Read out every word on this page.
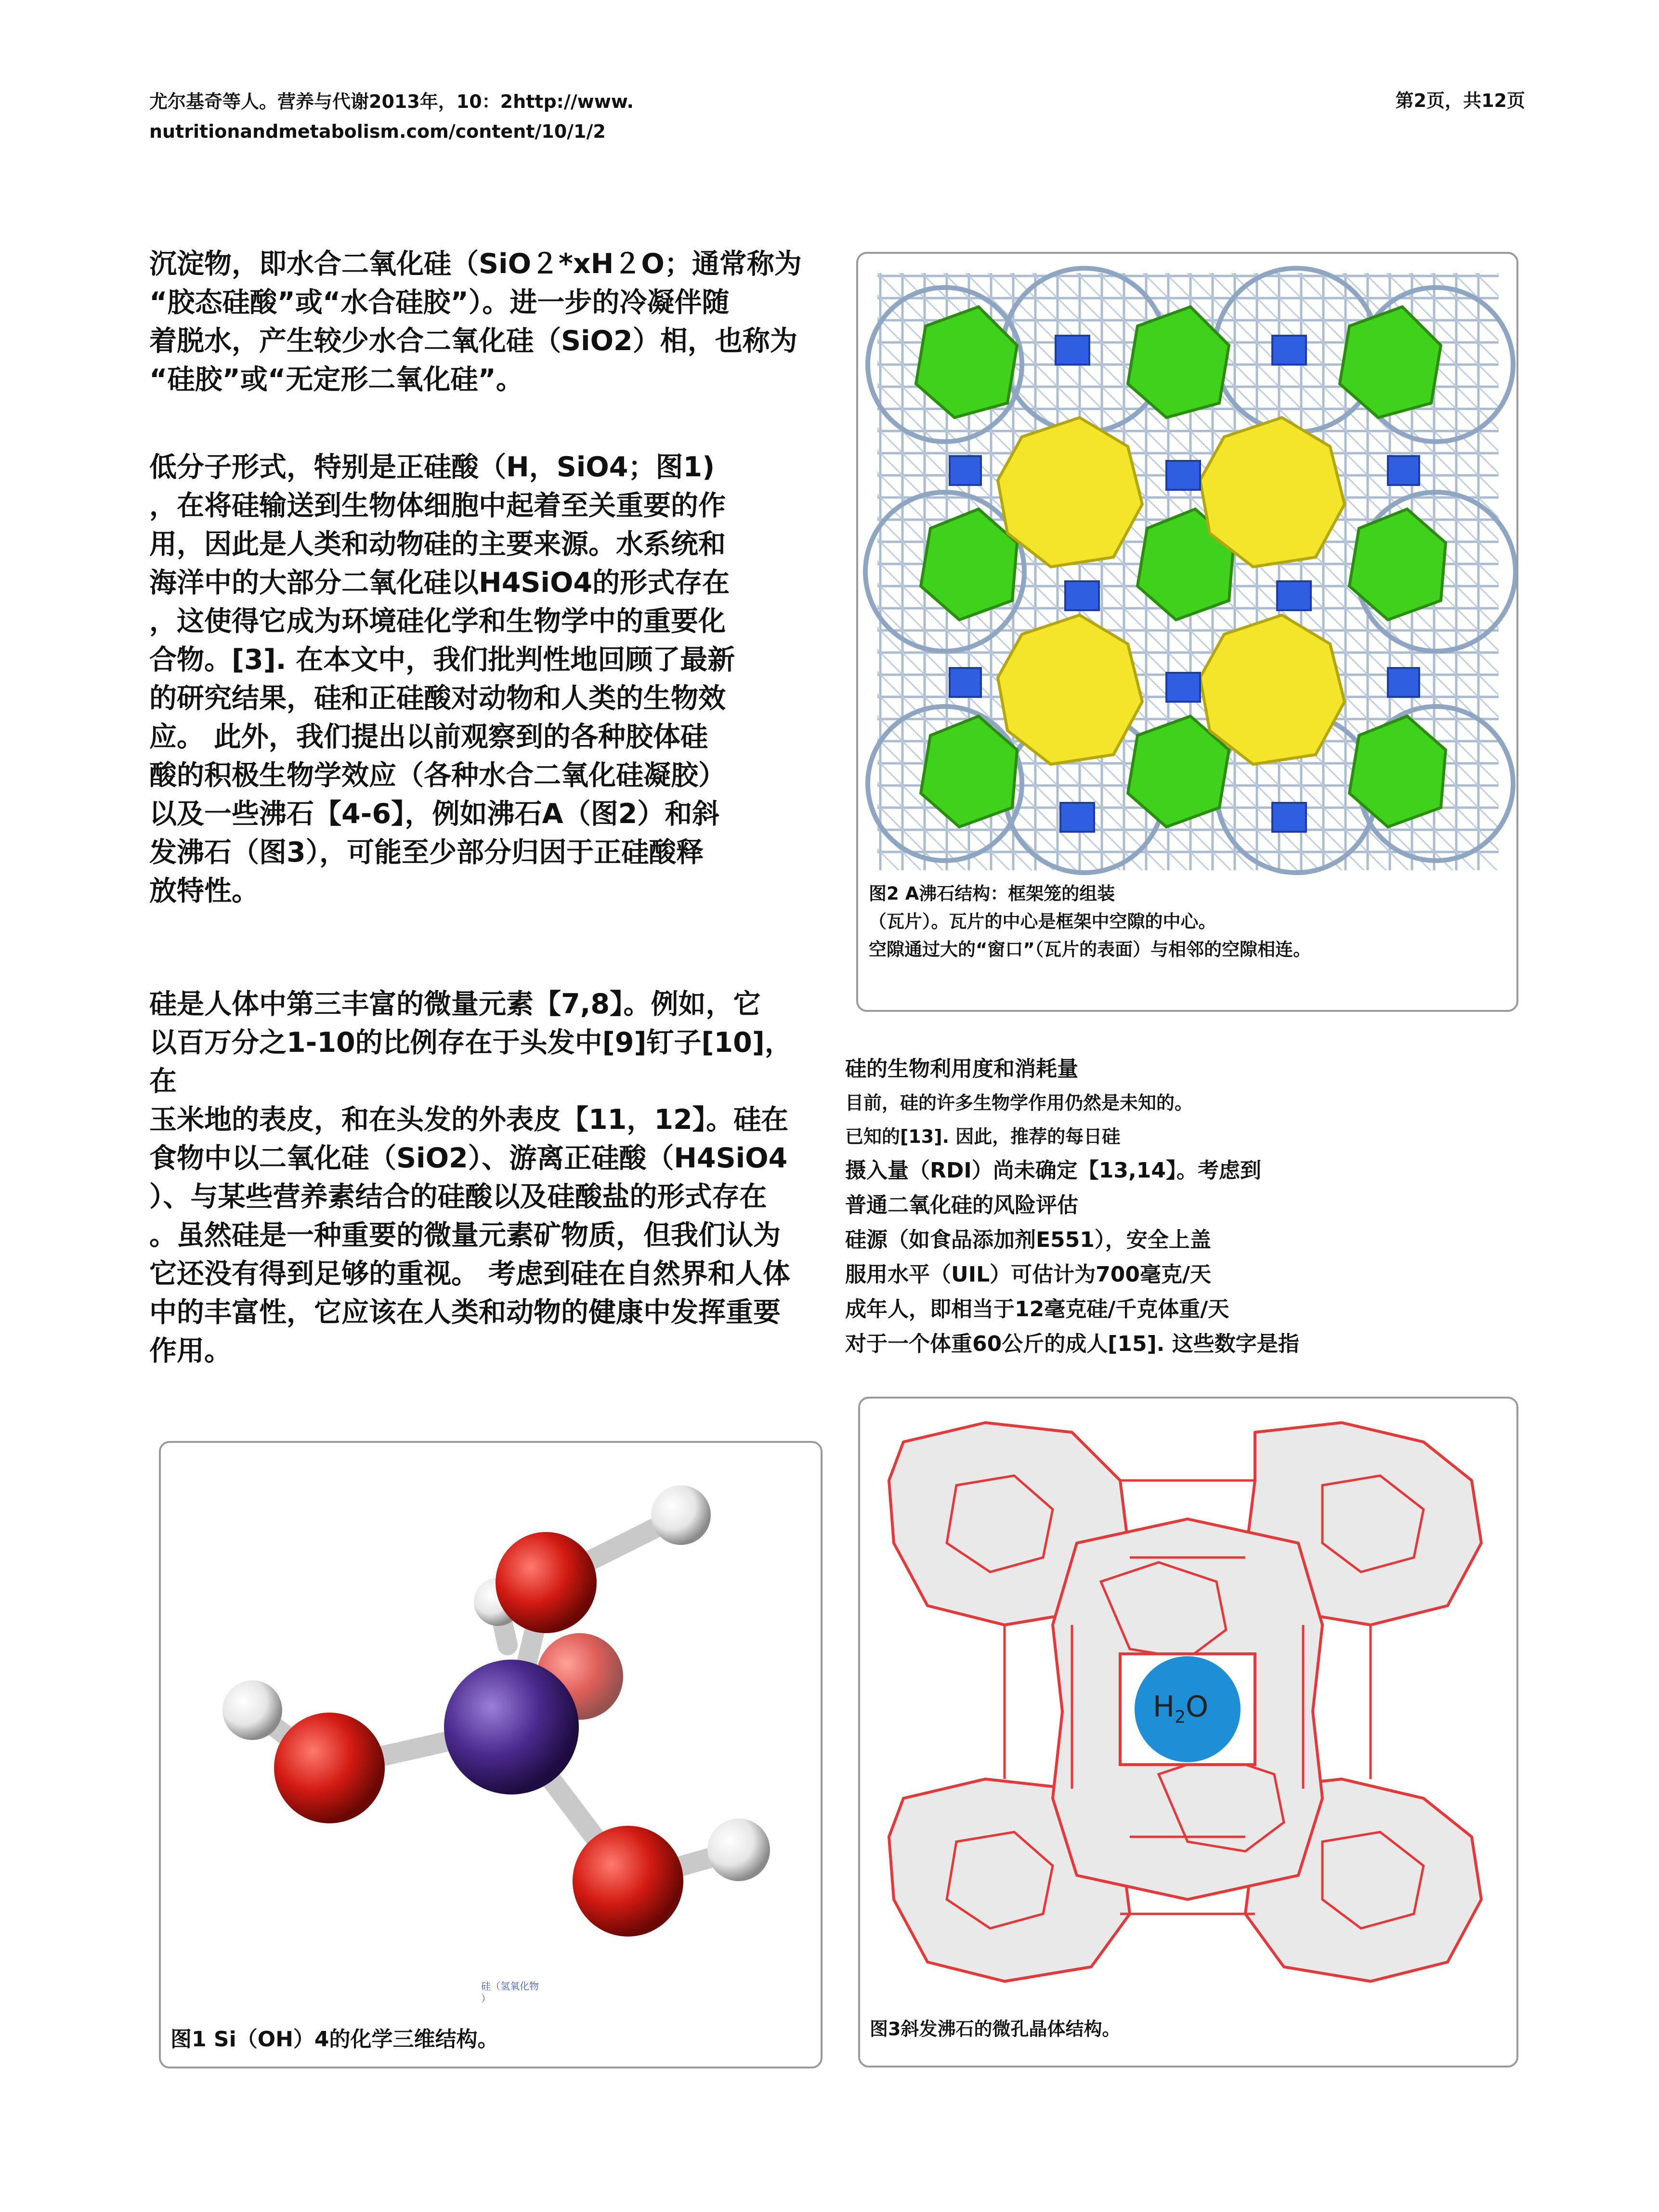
尤尔基奇等人。营养与代谢2013年，10：2http://www.
nutritionandmetabolism.com/content/10/1/2
第2页，共12页

沉淀物，即水合二氧化硅（SiO２*xH２O；通常称为

“胶态硅酸”或“水合硅胶”）。进一步的冷凝伴随

着脱水，产生较少水合二氧化硅（SiO2）相，也称为

“硅胶”或“无定形二氧化硅”。

低分子形式，特别是正硅酸（H，SiO4；图1)

，在将硅输送到生物体细胞中起着至关重要的作

用，因此是人类和动物硅的主要来源。水系统和

海洋中的大部分二氧化硅以H4SiO4的形式存在

，这使得它成为环境硅化学和生物学中的重要化

合物。[3]. 在本文中，我们批判性地回顾了最新

的研究结果，硅和正硅酸对动物和人类的生物效

应。 此外，我们提出以前观察到的各种胶体硅

酸的积极生物学效应（各种水合二氧化硅凝胶）

以及一些沸石【4-6】，例如沸石A（图2）和斜

发沸石（图3），可能至少部分归因于正硅酸释

放特性。

硅是人体中第三丰富的微量元素【7,8】。例如，它

以百万分之1-10的比例存在于头发中[9]钉子[10]，在

玉米地的表皮，和在头发的外表皮【11，12】。硅在

食物中以二氧化硅（SiO2）、游离正硅酸（H4SiO4

）、与某些营养素结合的硅酸以及硅酸盐的形式存在

。虽然硅是一种重要的微量元素矿物质，但我们认为

它还没有得到足够的重视。 考虑到硅在自然界和人体

中的丰富性，它应该在人类和动物的健康中发挥重要

作用。

图2 A沸石结构：框架笼的组装
（瓦片）。瓦片的中心是框架中空隙的中心。
空隙通过大的“窗口”（瓦片的表面）与相邻的空隙相连。
硅的生物利用度和消耗量
目前，硅的许多生物学作用仍然是未知的。
已知的[13]. 因此，推荐的每日硅
摄入量（RDI）尚未确定【13,14】。考虑到
普通二氧化硅的风险评估
硅源（如食品添加剂E551），安全上盖
服用水平（UIL）可估计为700毫克/天
成年人，即相当于12毫克硅/千克体重/天
对于一个体重60公斤的成人[15]. 这些数字是指
硅（氢氧化物
）
图1 Si（OH）4的化学三维结构。
$H_2O$
图3斜发沸石的微孔晶体结构。
